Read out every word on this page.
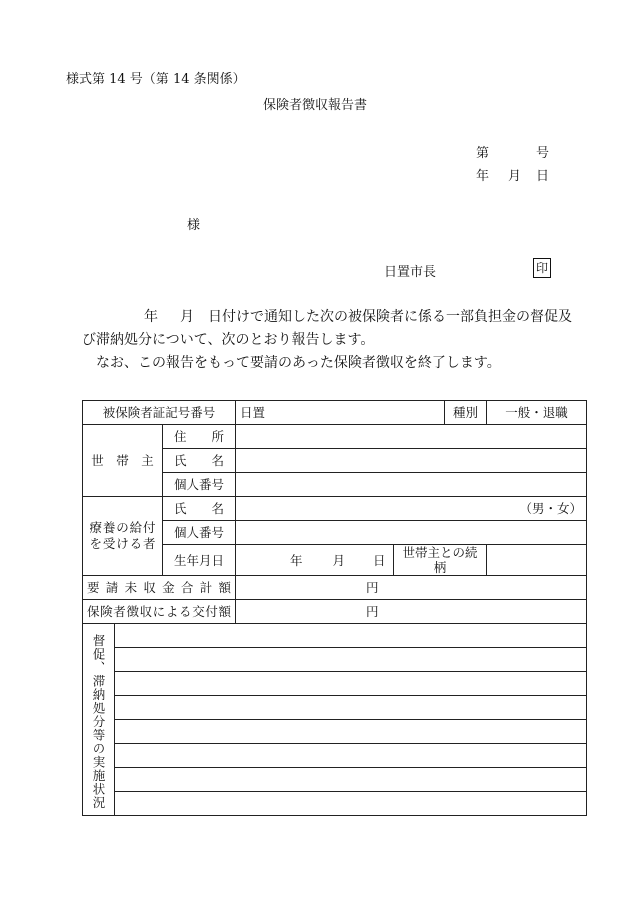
様式第 14 号（第 14 条関係）
保険者徴収報告書
第	号
年 月 日
様
日置市長	印
年 月 日付けで通知した次の被保険者に係る一部負担金の督促及び滞納処分について、次のとおり報告します。
なお、この報告をもって要請のあった保険者徴収を終了します。
被保険者証記号番号			日置		種別	一般・退職
世　帯　主		住　　所				
		氏　　名				
		個人番号				

療養の給付を受ける者		氏　　名	（男・女）			
		個人番号				
		生年月日	年 月 日	世帯主との続柄		

要請未収金合計額			円			

保険者徴収による交付額			円			
督促、滞納処分等の実施状況						
